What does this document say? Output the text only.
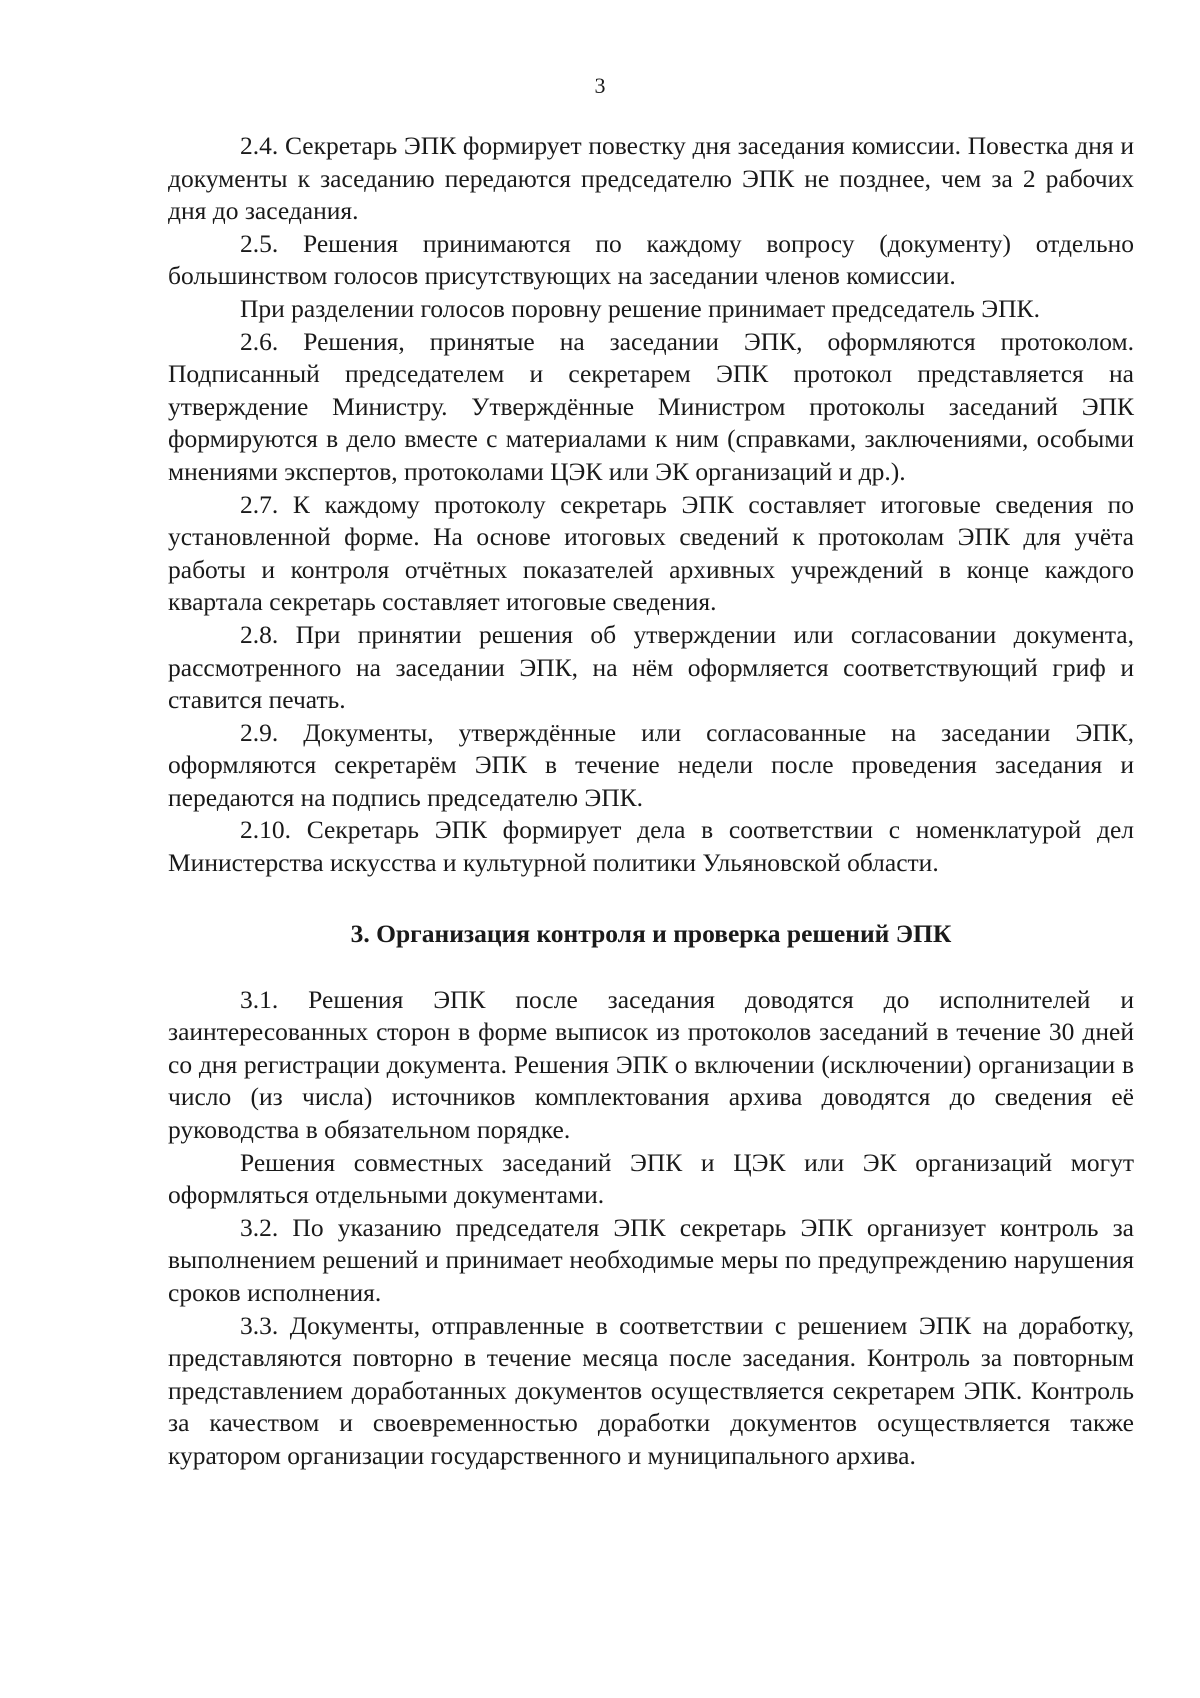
3

2.4. Секретарь ЭПК формирует повестку дня заседания комиссии. Повестка дня и документы к заседанию передаются председателю ЭПК не позднее, чем за 2 рабочих дня до заседания.

2.5. Решения принимаются по каждому вопросу (документу) отдельно большинством голосов присутствующих на заседании членов комиссии.

При разделении голосов поровну решение принимает председатель ЭПК.

2.6. Решения, принятые на заседании ЭПК, оформляются протоколом. Подписанный председателем и секретарем ЭПК протокол представляется на утверждение Министру. Утверждённые Министром протоколы заседаний ЭПК формируются в дело вместе с материалами к ним (справками, заключениями, особыми мнениями экспертов, протоколами ЦЭК или ЭК организаций и др.).

2.7. К каждому протоколу секретарь ЭПК составляет итоговые сведения по установленной форме. На основе итоговых сведений к протоколам ЭПК для учёта работы и контроля отчётных показателей архивных учреждений в конце каждого квартала секретарь составляет итоговые сведения.

2.8. При принятии решения об утверждении или согласовании документа, рассмотренного на заседании ЭПК, на нём оформляется соответствующий гриф и ставится печать.

2.9. Документы, утверждённые или согласованные на заседании ЭПК, оформляются секретарём ЭПК в течение недели после проведения заседания и передаются на подпись председателю ЭПК.

2.10. Секретарь ЭПК формирует дела в соответствии с номенклатурой дел Министерства искусства и культурной политики Ульяновской области.

3. Организация контроля и проверка решений ЭПК

3.1. Решения ЭПК после заседания доводятся до исполнителей и заинтересованных сторон в форме выписок из протоколов заседаний в течение 30 дней со дня регистрации документа. Решения ЭПК о включении (исключении) организации в число (из числа) источников комплектования архива доводятся до сведения её руководства в обязательном порядке.

Решения совместных заседаний ЭПК и ЦЭК или ЭК организаций могут оформляться отдельными документами.

3.2. По указанию председателя ЭПК секретарь ЭПК организует контроль за выполнением решений и принимает необходимые меры по предупреждению нарушения сроков исполнения.

3.3. Документы, отправленные в соответствии с решением ЭПК на доработку, представляются повторно в течение месяца после заседания. Контроль за повторным представлением доработанных документов осуществляется секретарем ЭПК. Контроль за качеством и своевременностью доработки документов осуществляется также куратором организации государственного и муниципального архива.
